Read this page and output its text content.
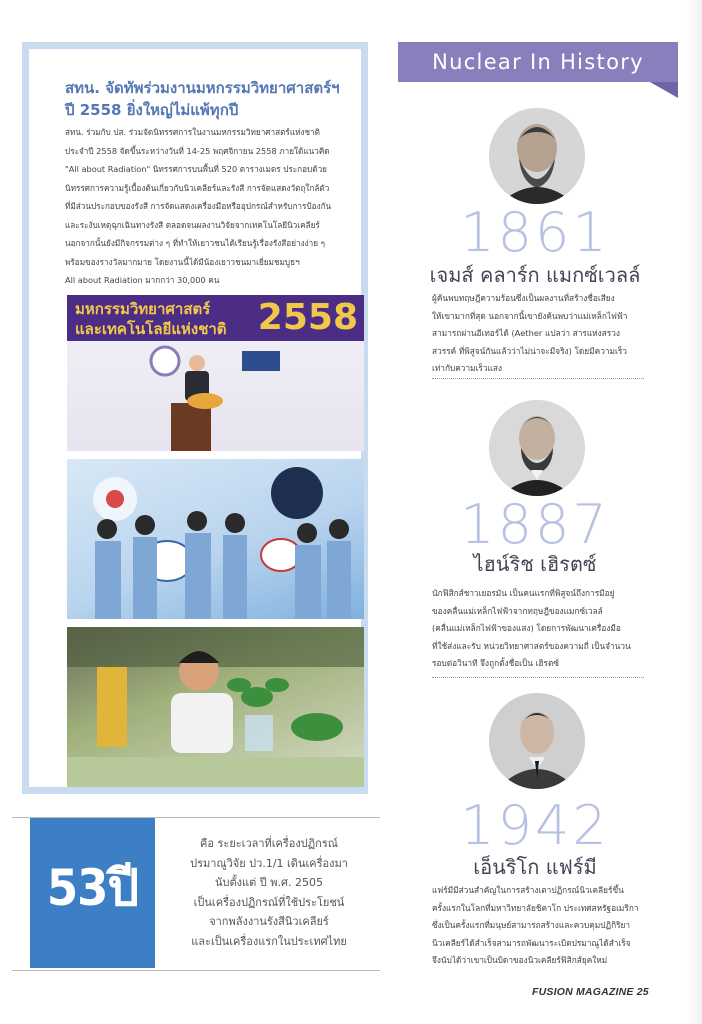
สทน. จัดทัพร่วมงานมหกรรมวิทยาศาสตร์ฯ
ปี 2558 ยิ่งใหญ่ไม่แพ้ทุกปี

สทน. ร่วมกับ ปส. ร่วมจัดนิทรรศการในงานมหกรรมวิทยาศาสตร์แห่งชาติ
ประจำปี 2558 จัดขึ้นระหว่างวันที่ 14-25 พฤศจิกายน 2558 ภายใต้แนวคิด
"All about Radiation" นิทรรศการบนพื้นที่ 520 ตารางเมตร ประกอบด้วย
นิทรรศการความรู้เบื้องต้นเกี่ยวกับนิวเคลียร์และรังสี การจัดแสดงวัตถุใกล้ตัว
ที่มีส่วนประกอบของรังสี การจัดแสดงเครื่องมือหรืออุปกรณ์สำหรับการป้องกัน
และระงับเหตุฉุกเฉินทางรังสี ตลอดจนผลงานวิจัยจากเทคโนโลยีนิวเคลียร์
นอกจากนั้นยังมีกิจกรรมต่าง ๆ ที่ทำให้เยาวชนได้เรียนรู้เรื่องรังสีอย่างง่าย ๆ
พร้อมของรางวัลมากมาย โดยงานนี้ได้มีน้องเยาวชนมาเยี่ยมชมบูธฯ
All about Radiation มากกว่า 30,000 คน

มหกรรมวิทยาศาสตร์
และเทคโนโลยีแห่งชาติ 2558
53ปี
คือ ระยะเวลาที่เครื่องปฏิกรณ์
ปรมาณูวิจัย ปว.1/1 เดินเครื่องมา
นับตั้งแต่ ปี พ.ศ. 2505
เป็นเครื่องปฏิกรณ์ที่ใช้ประโยชน์
จากพลังงานรังสีนิวเคลียร์
และเป็นเครื่องแรกในประเทศไทย
Nuclear In History
1861
เจมส์ คลาร์ก แมกซ์เวลล์
ผู้ค้นพบทฤษฎีความร้อนซึ่งเป็นผลงานที่สร้างชื่อเสียง
ให้เขามากที่สุด นอกจากนี้เขายังค้นพบว่าแม่เหล็กไฟฟ้า
สามารถผ่านอีเทอร์ได้ (Aether แปลว่า สารแห่งสรวง
สวรรค์ ที่พิสูจน์กันแล้วว่าไม่น่าจะมีจริง) โดยมีความเร็ว
เท่ากับความเร็วแสง
1887
ไฮน์ริช เฮิรตซ์
นักฟิสิกส์ชาวเยอรมัน เป็นคนแรกที่พิสูจน์ถึงการมีอยู่
ของคลื่นแม่เหล็กไฟฟ้าจากทฤษฎีของแมกซ์เวลล์
(คลื่นแม่เหล็กไฟฟ้าของแสง) โดยการพัฒนาเครื่องมือ
ที่ใช้ส่งและรับ หน่วยวิทยาศาสตร์ของความถี่ เป็นจำนวน
รอบต่อวินาที จึงถูกตั้งชื่อเป็น เฮิรตซ์
1942
เอ็นริโก แฟร์มี
แฟร์มีมีส่วนสำคัญในการสร้างเตาปฏิกรณ์นิวเคลียร์ขึ้น
ครั้งแรกในโลกที่มหาวิทยาลัยชิคาโก ประเทศสหรัฐอเมริกา
ซึ่งเป็นครั้งแรกที่มนุษย์สามารถสร้างและควบคุมปฏิกิริยา
นิวเคลียร์ได้สำเร็จสามารถพัฒนาระเบิดปรมาณูได้สำเร็จ
จึงนับได้ว่าเขาเป็นบิดาของนิวเคลียร์ฟิสิกส์ยุคใหม่
FUSION MAGAZINE 25
